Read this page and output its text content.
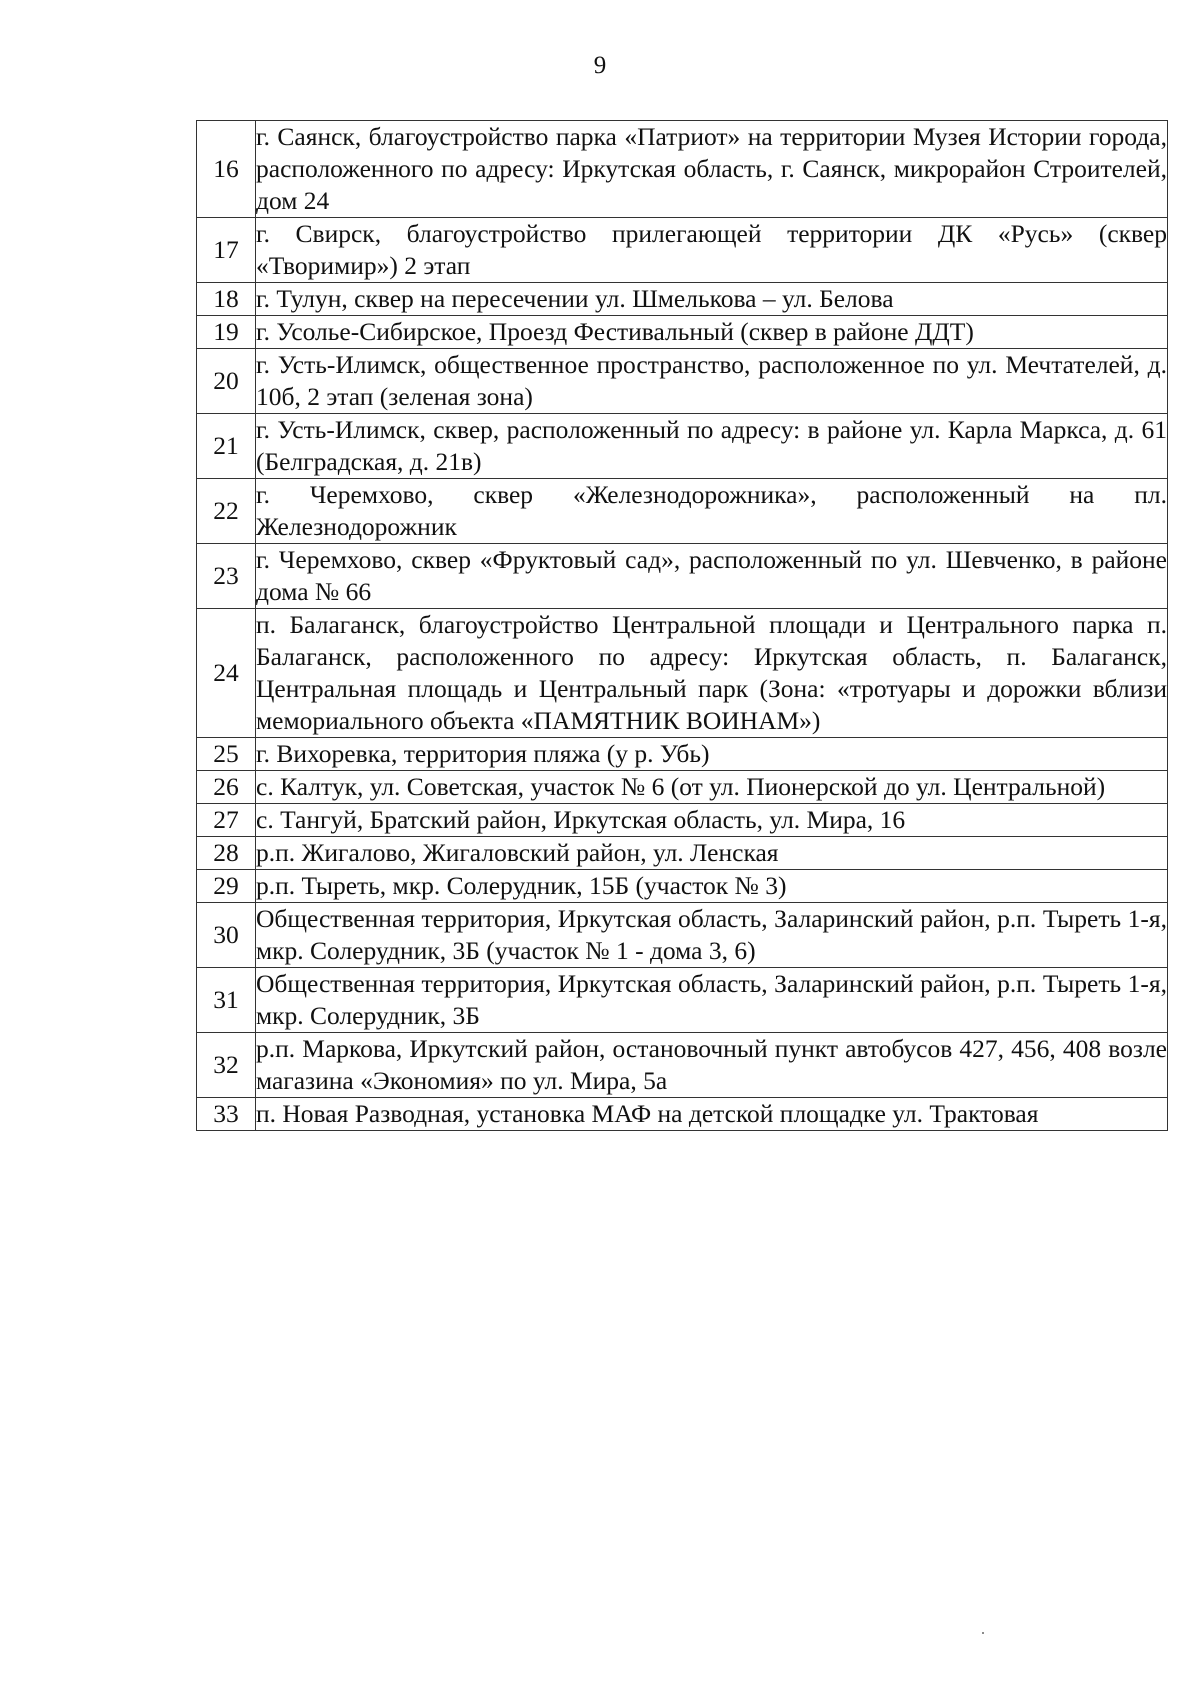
9
16	г. Саянск, благоустройство парка «Патриот» на территории Музея Истории города, расположенного по адресу: Иркутская область, г. Саянск, микрорайон Строителей, дом 24
17	г. Свирск, благоустройство прилегающей территории ДК «Русь» (сквер «Творимир») 2 этап
18	г. Тулун, сквер на пересечении ул. Шмелькова – ул. Белова
19	г. Усолье-Сибирское, Проезд Фестивальный (сквер в районе ДДТ)
20	г. Усть-Илимск, общественное пространство, расположенное по ул. Мечтателей, д. 10б, 2 этап (зеленая зона)
21	г. Усть-Илимск, сквер, расположенный по адресу: в районе ул. Карла Маркса, д. 61 (Белградская, д. 21в)
22	г. Черемхово, сквер «Железнодорожника», расположенный на пл. Железнодорожник
23	г. Черемхово, сквер «Фруктовый сад», расположенный по ул. Шевченко, в районе дома № 66
24	п. Балаганск, благоустройство Центральной площади и Центрального парка п. Балаганск, расположенного по адресу: Иркутская область, п. Балаганск, Центральная площадь и Центральный парк (Зона: «тротуары и дорожки вблизи мемориального объекта «ПАМЯТНИК ВОИНАМ»)
25	г. Вихоревка, территория пляжа (у р. Убь)
26	с. Калтук, ул. Советская, участок № 6 (от ул. Пионерской до ул. Центральной)
27	с. Тангуй, Братский район, Иркутская область, ул. Мира, 16
28	р.п. Жигалово, Жигаловский район, ул. Ленская
29	р.п. Тыреть, мкр. Солерудник, 15Б (участок № 3)
30	Общественная территория, Иркутская область, Заларинский район, р.п. Тыреть 1-я, мкр. Солерудник, 3Б (участок № 1 - дома 3, 6)
31	Общественная территория, Иркутская область, Заларинский район, р.п. Тыреть 1-я, мкр. Солерудник, 3Б
32	р.п. Маркова, Иркутский район, остановочный пункт автобусов 427, 456, 408 возле магазина «Экономия» по ул. Мира, 5а
33	п. Новая Разводная, установка МАФ на детской площадке ул. Трактовая
